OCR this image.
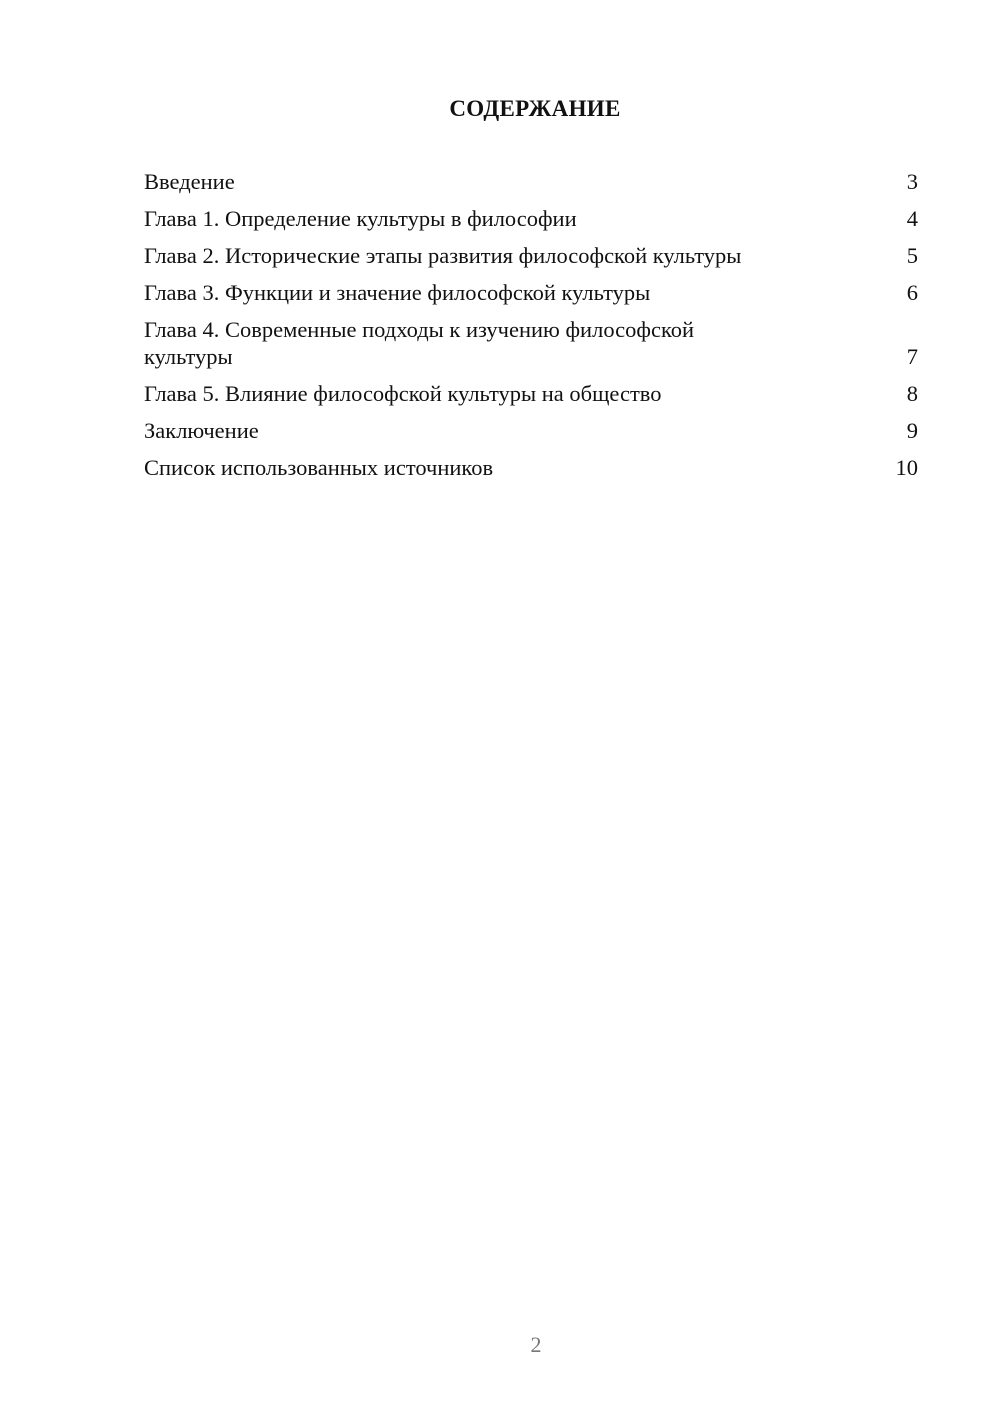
СОДЕРЖАНИЕ
Введение	3
Глава 1. Определение культуры в философии	4
Глава 2. Исторические этапы развития философской культуры	5
Глава 3. Функции и значение философской культуры	6
Глава 4. Современные подходы к изучению философской культуры	7
Глава 5. Влияние философской культуры на общество	8
Заключение	9
Список использованных источников	10

2
